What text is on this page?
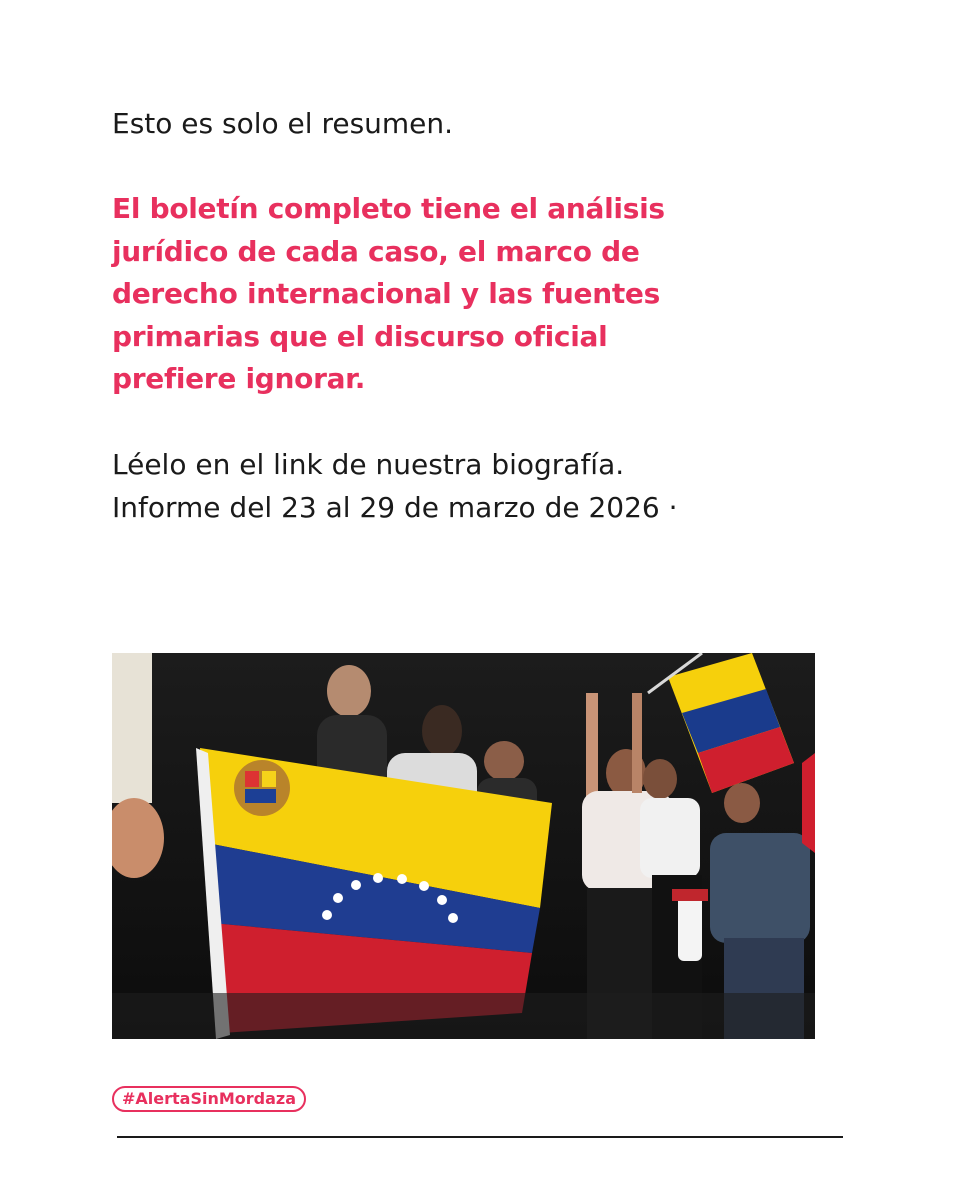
Esto es solo el resumen.

El boletín completo tiene el análisis jurídico de cada caso, el marco de derecho internacional y las fuentes primarias que el discurso oficial prefiere ignorar.

Léelo en el link de nuestra biografía.
Informe del 23 al 29 de marzo de 2026 ·
#AlertaSinMordaza
